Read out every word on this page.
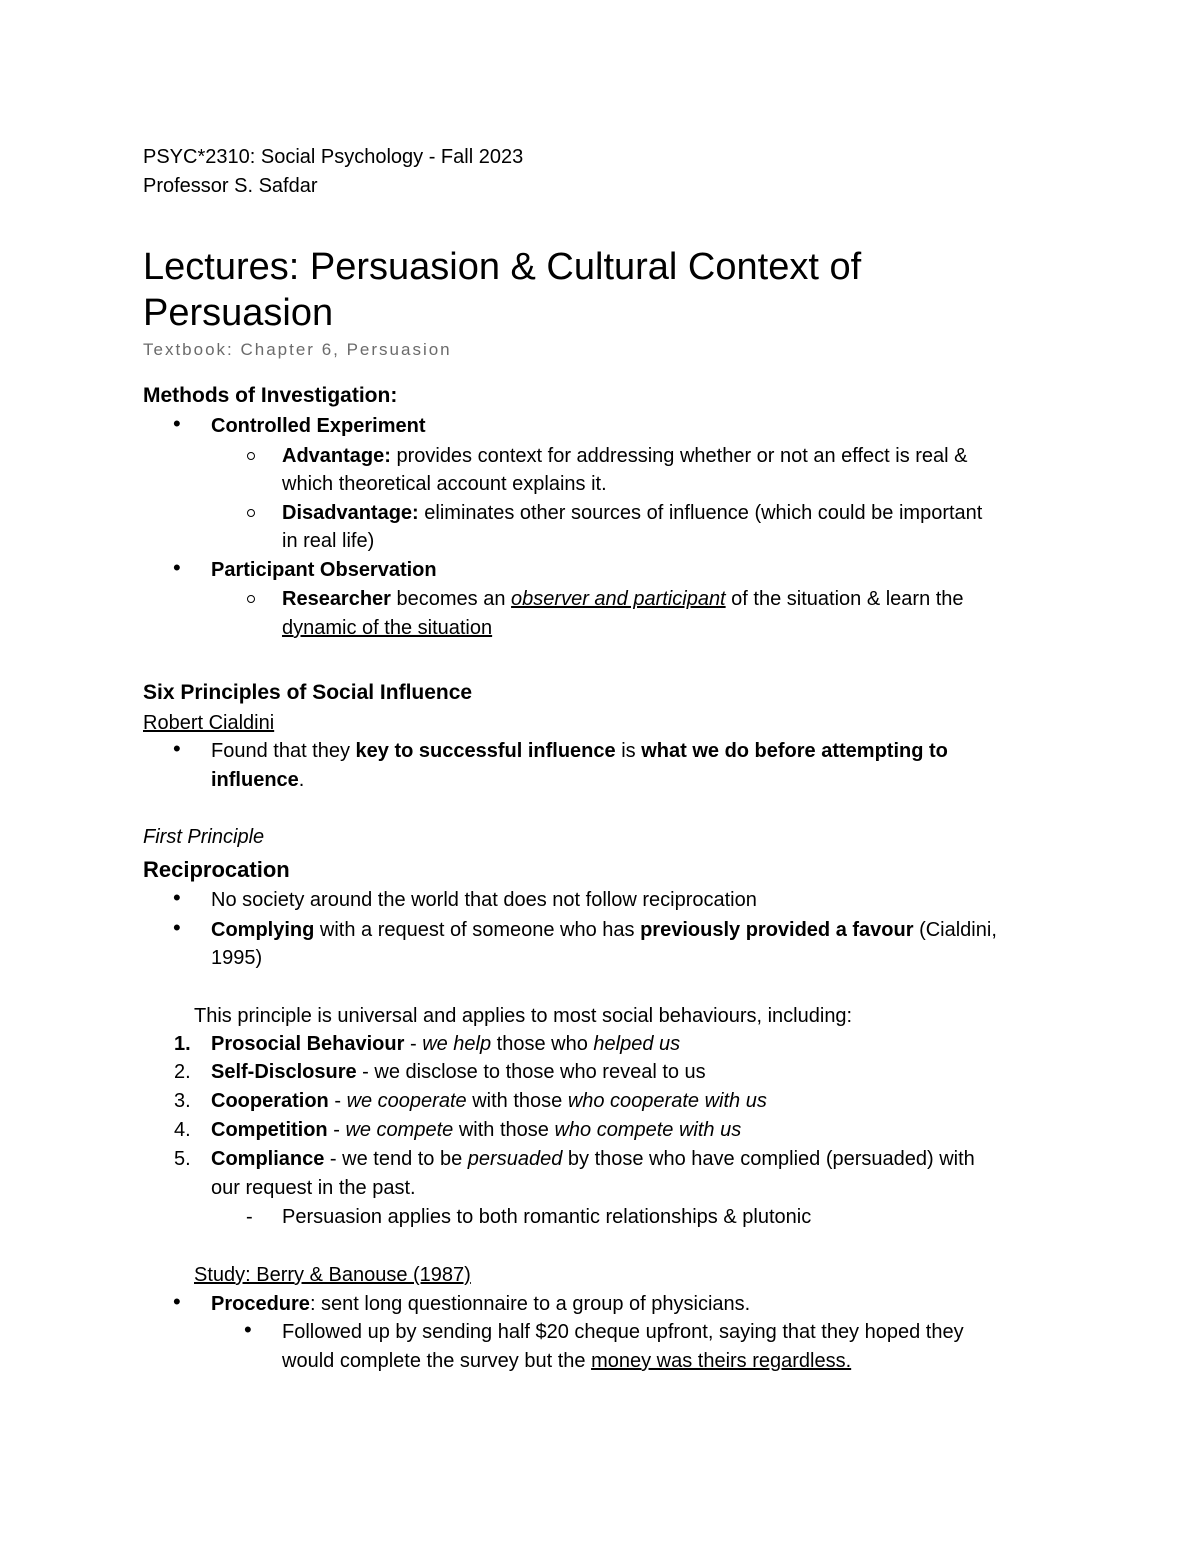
PSYC*2310: Social Psychology - Fall 2023
Professor S. Safdar
Lectures: Persuasion & Cultural Context of
Persuasion
Textbook: Chapter 6, Persuasion
Methods of Investigation:
• Controlled Experiment
Advantage: provides context for addressing whether or not an effect is real &
which theoretical account explains it.
Disadvantage: eliminates other sources of influence (which could be important
in real life)
• Participant Observation
Researcher becomes an observer and participant of the situation & learn the
dynamic of the situation
Six Principles of Social Influence
Robert Cialdini
• Found that they key to successful influence is what we do before attempting to
influence.
First Principle
Reciprocation
• No society around the world that does not follow reciprocation
• Complying with a request of someone who has previously provided a favour (Cialdini,
1995)
This principle is universal and applies to most social behaviours, including:
1. Prosocial Behaviour - we help those who helped us
2. Self-Disclosure - we disclose to those who reveal to us
3. Cooperation - we cooperate with those who cooperate with us
4. Competition - we compete with those who compete with us
5. Compliance - we tend to be persuaded by those who have complied (persuaded) with
our request in the past.
- Persuasion applies to both romantic relationships & plutonic
Study: Berry & Banouse (1987)
• Procedure: sent long questionnaire to a group of physicians.
• Followed up by sending half $20 cheque upfront, saying that they hoped they
would complete the survey but the money was theirs regardless.
